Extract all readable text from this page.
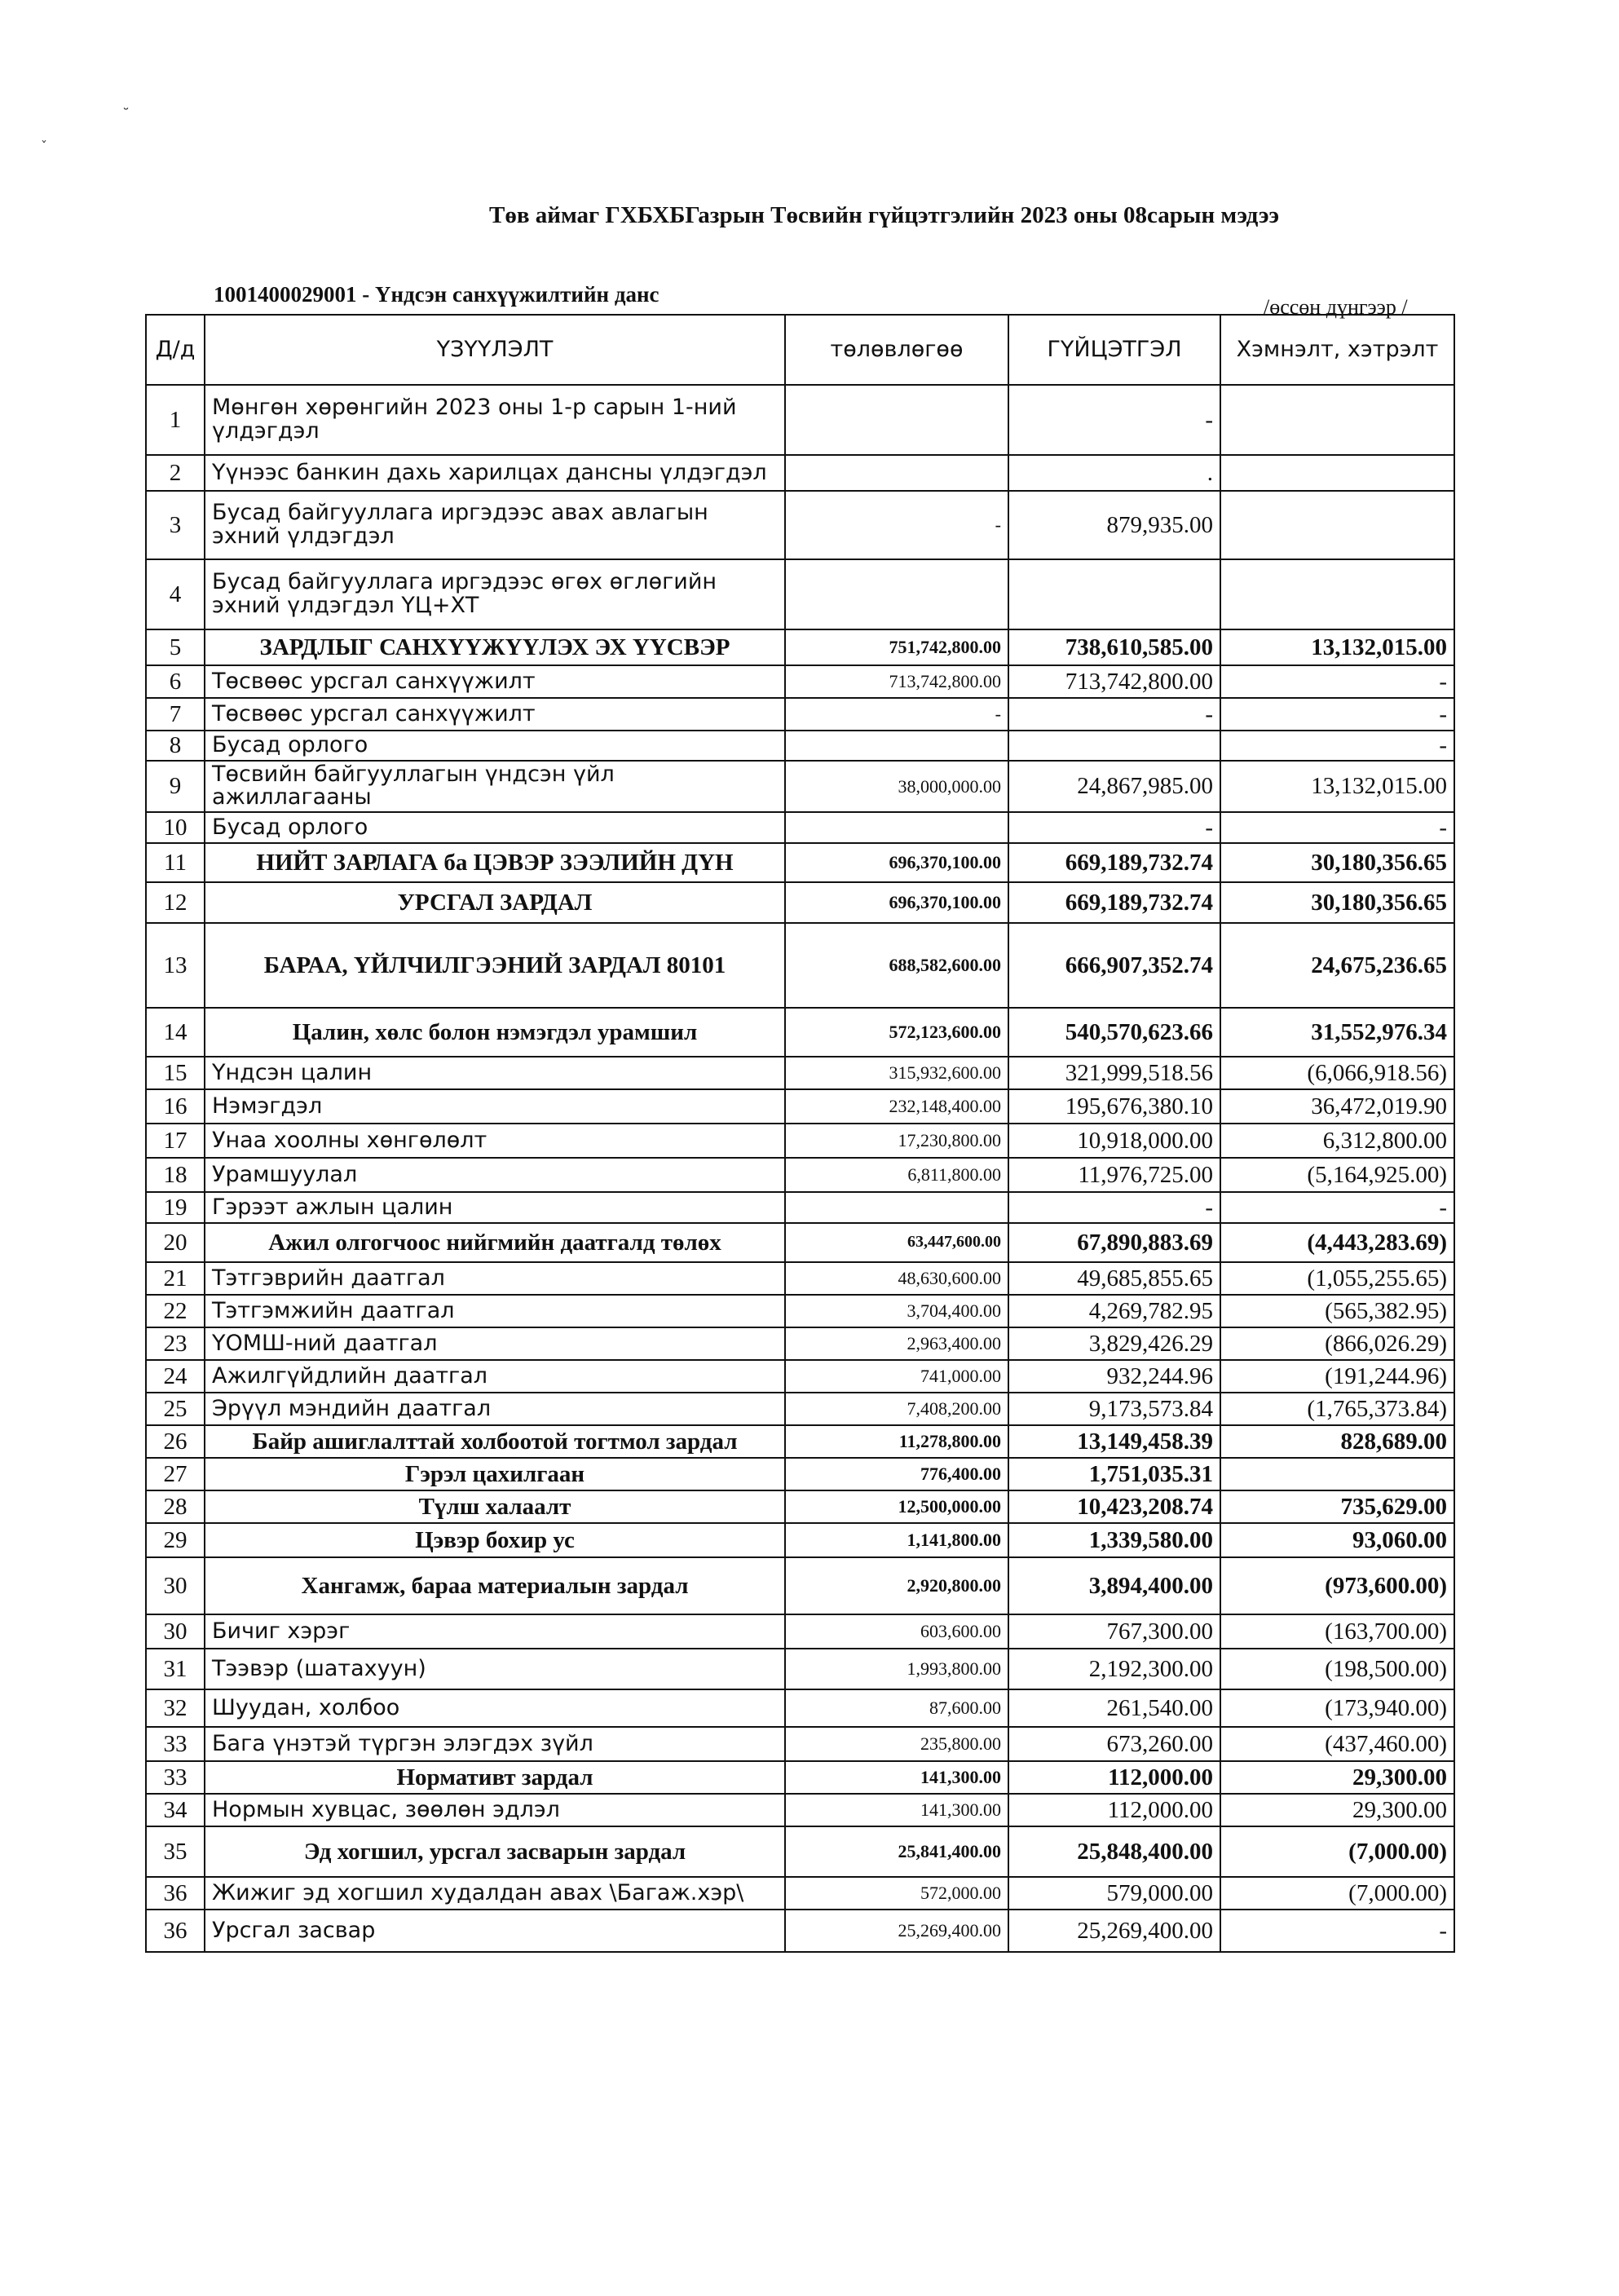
˘
ˇ
Төв аймаг ГХБХБГазрын Төсвийн гүйцэтгэлийн 2023 оны 08сарын мэдээ
1001400029001 - Үндсэн санхүүжилтийн данс
/өссөн дүнгээр /
Д/д	ҮЗҮҮЛЭЛТ	төлөвлөгөө	ГҮЙЦЭТГЭЛ	Хэмнэлт, хэтрэлт
1	Мөнгөн хөрөнгийн 2023 оны 1-р сарын 1-ний үлдэгдэл		-	
2	Үүнээс банкин дахь харилцах дансны үлдэгдэл		.	
3	Бусад байгууллага иргэдээс авах авлагын эхний үлдэгдэл	-	879,935.00	
4	Бусад байгууллага иргэдээс өгөх өглөгийн эхний үлдэгдэл ҮЦ+ХТ			
5	ЗАРДЛЫГ САНХҮҮЖҮҮЛЭХ ЭХ ҮҮСВЭР	751,742,800.00	738,610,585.00	13,132,015.00
6	Төсвөөс урсгал санхүүжилт	713,742,800.00	713,742,800.00	-
7	Төсвөөс урсгал санхүүжилт	-	-	-
8	Бусад орлого			-
9	Төсвийн байгууллагын үндсэн үйл ажиллагааны	38,000,000.00	24,867,985.00	13,132,015.00
10	Бусад орлого		-	-
11	НИЙТ ЗАРЛАГА ба ЦЭВЭР ЗЭЭЛИЙН ДҮН	696,370,100.00	669,189,732.74	30,180,356.65
12	УРСГАЛ ЗАРДАЛ	696,370,100.00	669,189,732.74	30,180,356.65
13	БАРАА, ҮЙЛЧИЛГЭЭНИЙ ЗАРДАЛ 80101	688,582,600.00	666,907,352.74	24,675,236.65
14	Цалин, хөлс болон нэмэгдэл урамшил	572,123,600.00	540,570,623.66	31,552,976.34
15	Үндсэн цалин	315,932,600.00	321,999,518.56	(6,066,918.56)
16	Нэмэгдэл	232,148,400.00	195,676,380.10	36,472,019.90
17	Унаа хоолны хөнгөлөлт	17,230,800.00	10,918,000.00	6,312,800.00
18	Урамшуулал	6,811,800.00	11,976,725.00	(5,164,925.00)
19	Гэрээт ажлын цалин		-	-
20	Ажил олгогчоос нийгмийн даатгалд төлөх	63,447,600.00	67,890,883.69	(4,443,283.69)
21	Тэтгэврийн даатгал	48,630,600.00	49,685,855.65	(1,055,255.65)
22	Тэтгэмжийн даатгал	3,704,400.00	4,269,782.95	(565,382.95)
23	ҮОМШ-ний даатгал	2,963,400.00	3,829,426.29	(866,026.29)
24	Ажилгүйдлийн даатгал	741,000.00	932,244.96	(191,244.96)
25	Эрүүл мэндийн даатгал	7,408,200.00	9,173,573.84	(1,765,373.84)
26	Байр ашиглалттай холбоотой тогтмол зардал	11,278,800.00	13,149,458.39	828,689.00
27	Гэрэл цахилгаан	776,400.00	1,751,035.31	
28	Түлш халаалт	12,500,000.00	10,423,208.74	735,629.00
29	Цэвэр бохир ус	1,141,800.00	1,339,580.00	93,060.00
30	Хангамж, бараа материалын зардал	2,920,800.00	3,894,400.00	(973,600.00)
30	Бичиг хэрэг	603,600.00	767,300.00	(163,700.00)
31	Тээвэр (шатахуун)	1,993,800.00	2,192,300.00	(198,500.00)
32	Шуудан, холбоо	87,600.00	261,540.00	(173,940.00)
33	Бага үнэтэй түргэн элэгдэх зүйл	235,800.00	673,260.00	(437,460.00)
33	Нормативт зардал	141,300.00	112,000.00	29,300.00
34	Нормын хувцас, зөөлөн эдлэл	141,300.00	112,000.00	29,300.00
35	Эд хогшил, урсгал засварын зардал	25,841,400.00	25,848,400.00	(7,000.00)
36	Жижиг эд хогшил худалдан авах \Багаж.хэр\	572,000.00	579,000.00	(7,000.00)
36	Урсгал засвар	25,269,400.00	25,269,400.00	-
